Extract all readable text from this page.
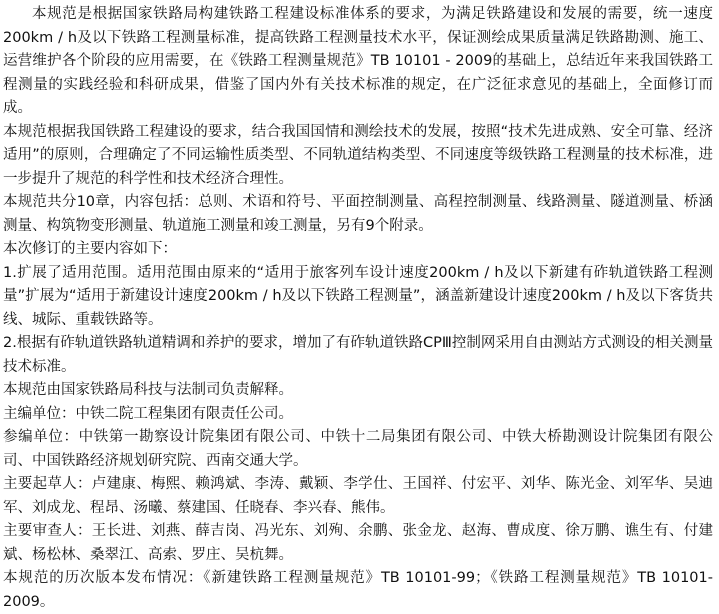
本规范是根据国家铁路局构建铁路工程建设标准体系的要求，为满足铁路建设和发展的需要，统一速度200km / h及以下铁路工程测量标准，提高铁路工程测量技术水平，保证测绘成果质量满足铁路勘测、施工、运营维护各个阶段的应用需要，在《铁路工程测量规范》TB 10101 - 2009的基础上，总结近年来我国铁路工程测量的实践经验和科研成果，借鉴了国内外有关技术标准的规定，在广泛征求意见的基础上，全面修订而成。

本规范根据我国铁路工程建设的要求，结合我国国情和测绘技术的发展，按照“技术先进成熟、安全可靠、经济适用”的原则，合理确定了不同运输性质类型、不同轨道结构类型、不同速度等级铁路工程测量的技术标准，进一步提升了规范的科学性和技术经济合理性。

本规范共分10章，内容包括：总则、术语和符号、平面控制测量、高程控制测量、线路测量、隧道测量、桥涵测量、构筑物变形测量、轨道施工测量和竣工测量，另有9个附录。

本次修订的主要内容如下：

1.扩展了适用范围。适用范围由原来的“适用于旅客列车设计速度200km / h及以下新建有砟轨道铁路工程测量”扩展为“适用于新建设计速度200km / h及以下铁路工程测量”，涵盖新建设计速度200km / h及以下客货共线、城际、重载铁路等。

2.根据有砟轨道铁路轨道精调和养护的要求，增加了有砟轨道铁路CPⅢ控制网采用自由测站方式测设的相关测量技术标准。

本规范由国家铁路局科技与法制司负责解释。

主编单位：中铁二院工程集团有限责任公司。

参编单位：中铁第一勘察设计院集团有限公司、中铁十二局集团有限公司、中铁大桥勘测设计院集团有限公司、中国铁路经济规划研究院、西南交通大学。

主要起草人：卢建康、梅熙、赖鸿斌、李涛、戴颖、李学仕、王国祥、付宏平、刘华、陈光金、刘军华、吴迪军、刘成龙、程昂、汤曦、蔡建国、任晓春、李兴春、熊伟。

主要审查人：王长进、刘燕、薛吉岗、冯光东、刘殉、余鹏、张金龙、赵海、曹成度、徐万鹏、谯生有、付建斌、杨松林、桑翠江、高索、罗庄、吴杭舞。

本规范的历次版本发布情况：《新建铁路工程测量规范》TB 10101-99；《铁路工程测量规范》TB 10101-2009。
